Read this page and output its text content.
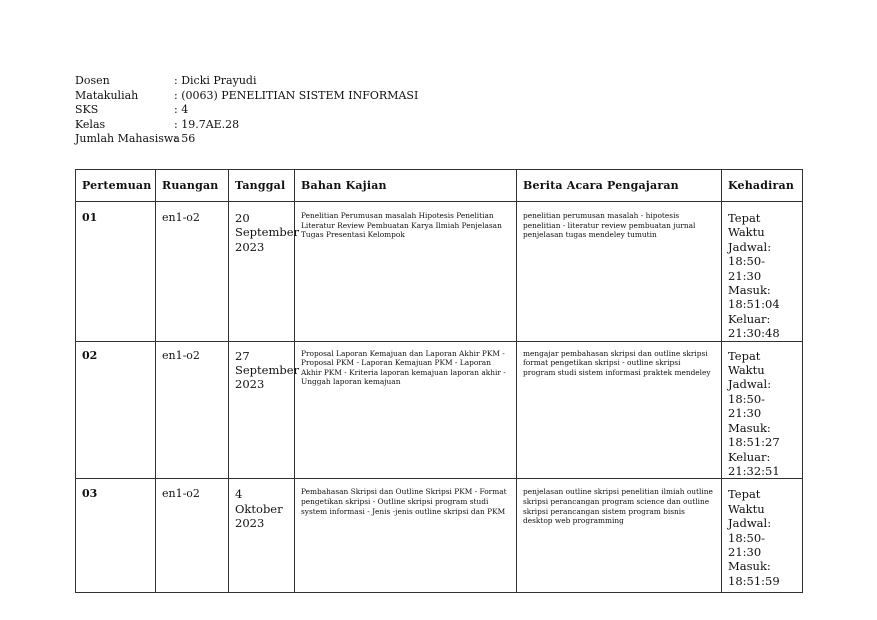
Dosen	: Dicki Prayudi
Matakuliah	: (0063) PENELITIAN SISTEM INFORMASI
SKS	: 4
Kelas	: 19.7AE.28
Jumlah Mahasiswa
: 56
Pertemuan	Ruangan	Tanggal	Bahan Kajian	Berita Acara Pengajaran	Kehadiran
01	en1-o2	20 September 2023	Penelitian Perumusan masalah Hipotesis Penelitian Literatur Review Pembuatan Karya Ilmiah Penjelasan Tugas Presentasi Kelompok	penelitian perumusan masalah - hipotesis penelitian - literatur review pembuatan jurnal penjelasan tugas mendeley tumutin	Tepat Waktu
Jadwal: 18:50-21:30
Masuk: 18:51:04
Keluar: 21:30:48

02	en1-o2	27 September 2023	Proposal Laporan Kemajuan dan Laporan Akhir PKM - Proposal PKM - Laporan Kemajuan PKM - Laporan Akhir PKM - Kriteria laporan kemajuan laporan akhir - Unggah laporan kemajuan	mengajar pembahasan skripsi dan outline skripsi format pengetikan skripsi - outline skripsi program studi sistem informasi praktek mendeley	Tepat Waktu
Jadwal: 18:50-21:30
Masuk: 18:51:27
Keluar: 21:32:51

03	en1-o2	4 Oktober 2023	Pembahasan Skripsi dan Outline Skripsi PKM - Format pengetikan skripsi - Outline skripsi program studi system informasi - Jenis -jenis outline skripsi dan PKM	penjelasan outline skripsi penelitian ilmiah outline skripsi perancangan program science dan outline skripsi perancangan sistem program bisnis desktop web programming	Tepat Waktu
Jadwal: 18:50-21:30
Masuk: 18:51:59
